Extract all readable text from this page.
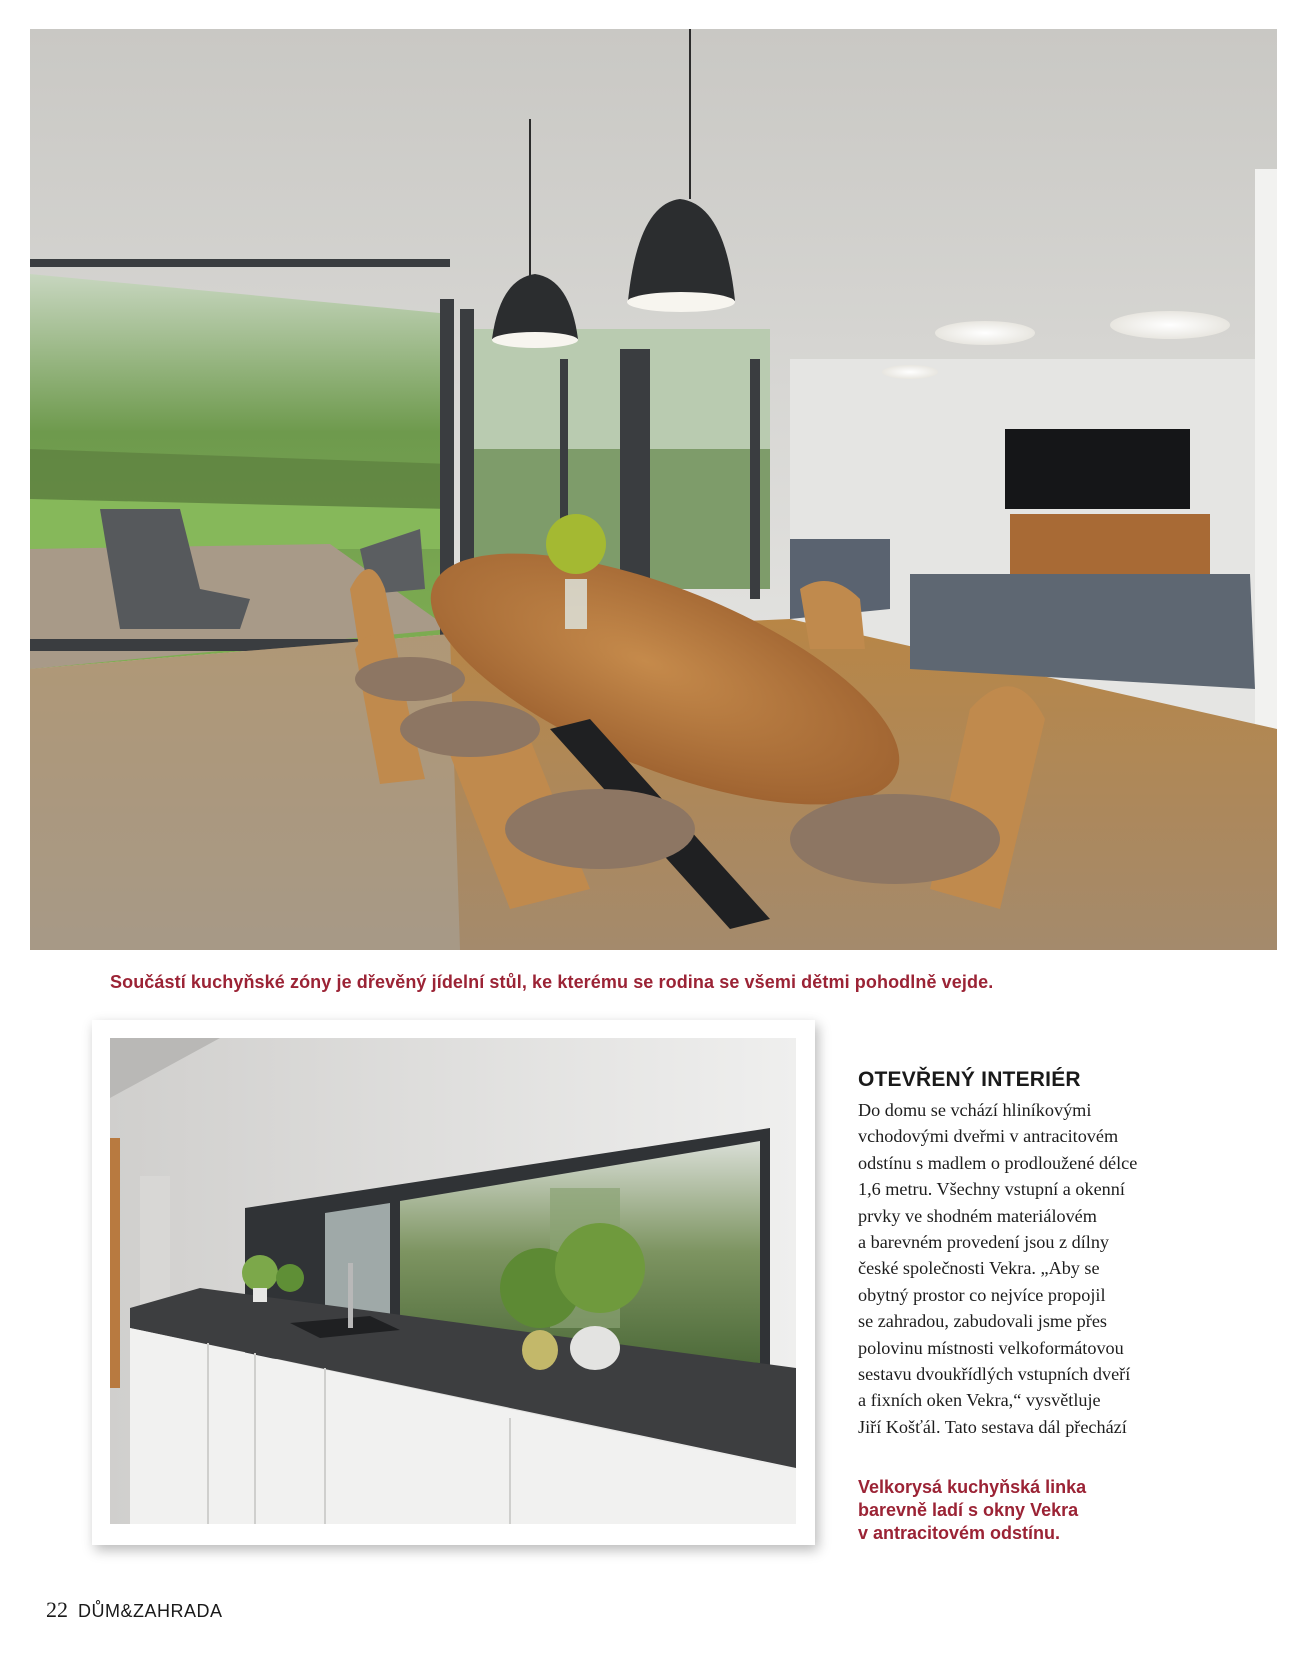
Součástí kuchyňské zóny je dřevěný jídelní stůl, ke kterému se rodina se všemi dětmi pohodlně vejde.
OTEVŘENÝ INTERIÉR
Do domu se vchází hliníkovými
vchodovými dveřmi v antracitovém
odstínu s madlem o prodloužené délce
1,6 metru. Všechny vstupní a okenní
prvky ve shodném materiálovém
a barevném provedení jsou z dílny
české společnosti Vekra. „Aby se
obytný prostor co nejvíce propojil
se zahradou, zabudovali jsme přes
polovinu místnosti velkoformátovou
sestavu dvoukřídlých vstupních dveří
a fixních oken Vekra,“ vysvětluje
Jiří Košťál. Tato sestava dál přechází
Velkorysá kuchyňská linka
barevně ladí s okny Vekra
v antracitovém odstínu.
22 DŮM&ZAHRADA
